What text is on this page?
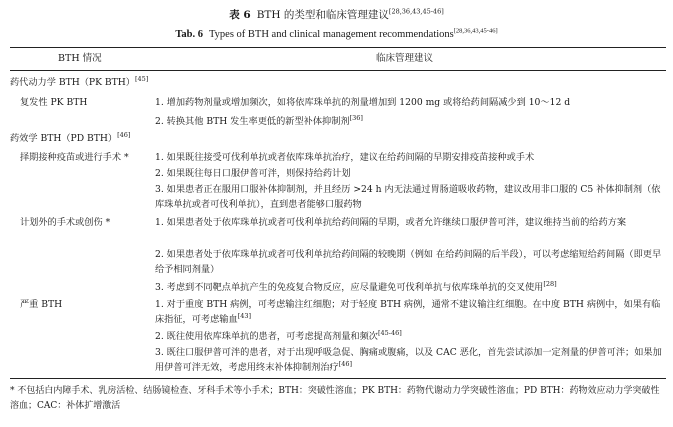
表 6 BTH 的类型和临床管理建议[28,36,43,45-46]
Tab. 6 Types of BTH and clinical management recommendations[28,36,43,45-46]
BTH 情况	临床管理建议
药代动力学 BTH（PK BTH）[45]
复发性 PK BTH	1. 增加药物剂量或增加频次，如将依库珠单抗的剂量增加到 1200 mg 或将给药间隔减少到 10～12 d
2. 转换其他 BTH 发生率更低的新型补体抑制剂[36]
药效学 BTH（PD BTH）[46]
择期接种疫苗或进行手术 *	1. 如果既往接受可伐利单抗或者依库珠单抗治疗，建议在给药间隔的早期安排疫苗接种或手术
2. 如果既往每日口服伊普可泮，则保持给药计划
3. 如果患者正在服用口服补体抑制剂，并且经历 >24 h 内无法通过胃肠道吸收药物，建议改用非口服的 C5 补体抑制剂（依库珠单抗或者可伐利单抗），直到患者能够口服药物
计划外的手术或创伤 *	1. 如果患者处于依库珠单抗或者可伐利单抗给药间隔的早期，或者允许继续口服伊普可泮，建议维持当前的给药方案
2. 如果患者处于依库珠单抗或者可伐利单抗给药间隔的较晚期（例如 在给药间隔的后半段），可以考虑缩短给药间隔（即更早给予相同剂量）
3. 考虑到不同靶点单抗产生的免疫复合物反应，应尽量避免可伐利单抗与依库珠单抗的交叉使用[28]
严重 BTH	1. 对于重度 BTH 病例，可考虑输注红细胞；对于轻度 BTH 病例，通常不建议输注红细胞。在中度 BTH 病例中，如果有临床指征，可考虑输血[43]
2. 既往使用依库珠单抗的患者，可考虑提高剂量和频次[45-46]
3. 既往口服伊普可泮的患者，对于出现呼吸急促、胸痛或腹痛，以及 CAC 恶化，首先尝试添加一定剂量的伊普可泮；如果加用伊普可泮无效，考虑用终末补体抑制剂治疗[46]
* 不包括白内障手术、乳房活检、结肠镜检查、牙科手术等小手术；BTH：突破性溶血；PK BTH：药物代谢动力学突破性溶血；PD BTH：药物效应动力学突破性溶血；CAC：补体扩增激活
